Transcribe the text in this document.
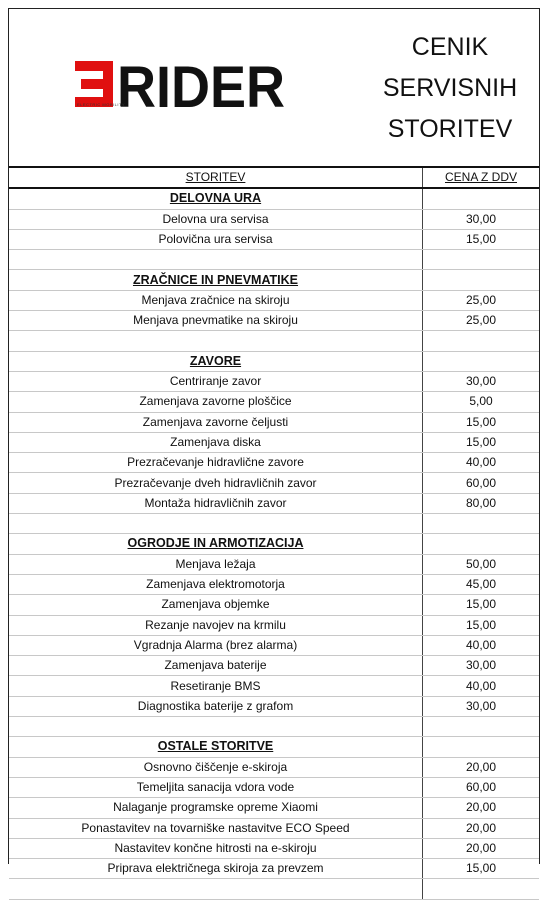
RIDER
ELECTRIC MOBILITY
CENIK
SERVISNIH
STORITEV
STORITEV	CENA Z DDV
DELOVNA URA	
Delovna ura servisa	30,00
Polovična ura servisa	15,00

ZRAČNICE IN PNEVMATIKE	
Menjava zračnice na skiroju	25,00
Menjava pnevmatike na skiroju	25,00

ZAVORE	
Centriranje zavor	30,00
Zamenjava zavorne ploščice	5,00
Zamenjava zavorne čeljusti	15,00
Zamenjava diska	15,00
Prezračevanje hidravlične zavore	40,00
Prezračevanje dveh hidravličnih zavor	60,00
Montaža hidravličnih zavor	80,00

OGRODJE IN ARMOTIZACIJA	
Menjava ležaja	50,00
Zamenjava elektromotorja	45,00
Zamenjava objemke	15,00
Rezanje navojev na krmilu	15,00
Vgradnja Alarma (brez alarma)	40,00
Zamenjava baterije	30,00
Resetiranje BMS	40,00
Diagnostika baterije z grafom	30,00

OSTALE STORITVE	
Osnovno čiščenje e-skiroja	20,00
Temeljita sanacija vdora vode	60,00
Nalaganje programske opreme Xiaomi	20,00
Ponastavitev na tovarniške nastavitve ECO Speed	20,00
Nastavitev končne hitrosti na e-skiroju	20,00
Priprava električnega skiroja za prevzem	15,00
